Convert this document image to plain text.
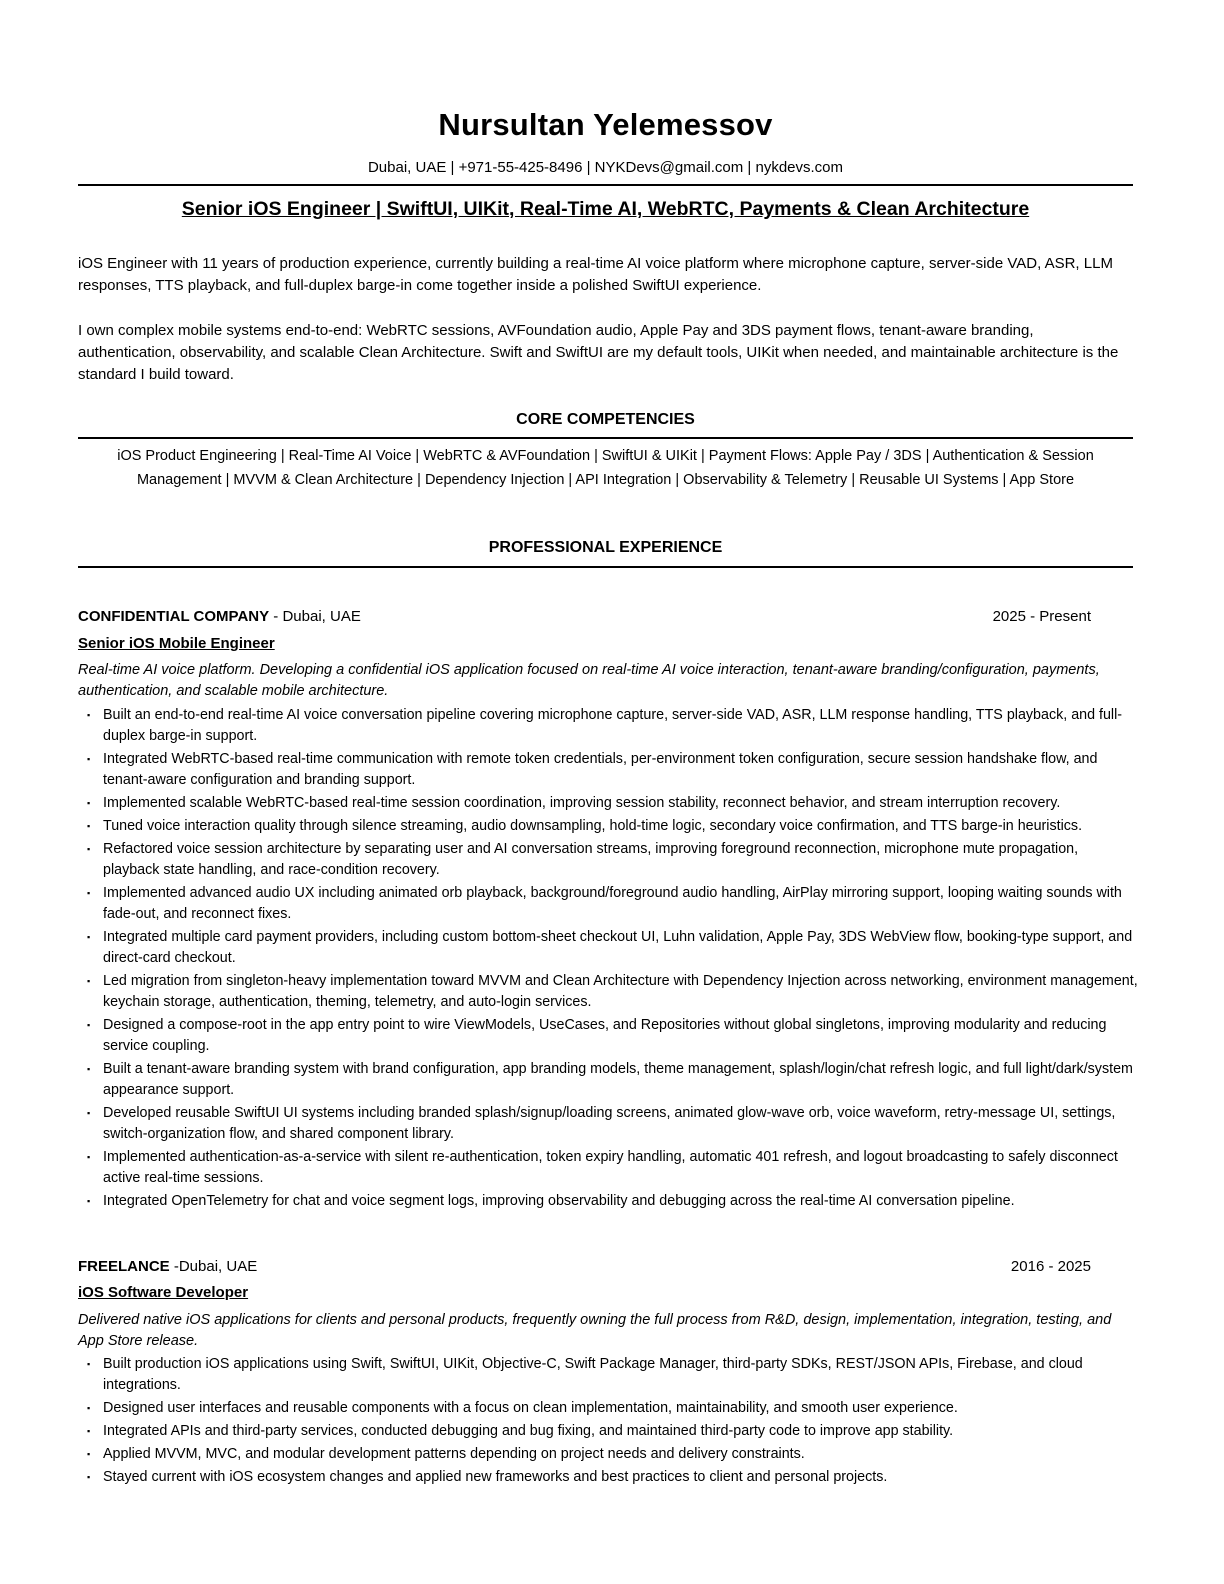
Nursultan Yelemessov
Dubai, UAE | +971-55-425-8496 | NYKDevs@gmail.com | nykdevs.com
Senior iOS Engineer | SwiftUI, UIKit, Real-Time AI, WebRTC, Payments & Clean Architecture
iOS Engineer with 11 years of production experience, currently building a real-time AI voice platform where microphone capture, server-side VAD, ASR, LLM responses, TTS playback, and full-duplex barge-in come together inside a polished SwiftUI experience.
I own complex mobile systems end-to-end: WebRTC sessions, AVFoundation audio, Apple Pay and 3DS payment flows, tenant-aware branding, authentication, observability, and scalable Clean Architecture. Swift and SwiftUI are my default tools, UIKit when needed, and maintainable architecture is the standard I build toward.
CORE COMPETENCIES
iOS Product Engineering | Real-Time AI Voice | WebRTC & AVFoundation | SwiftUI & UIKit | Payment Flows: Apple Pay / 3DS | Authentication & Session Management | MVVM & Clean Architecture | Dependency Injection | API Integration | Observability & Telemetry | Reusable UI Systems | App Store
PROFESSIONAL EXPERIENCE
CONFIDENTIAL COMPANY - Dubai, UAE	2025 - Present
Senior iOS Mobile Engineer
Real-time AI voice platform. Developing a confidential iOS application focused on real-time AI voice interaction, tenant-aware branding/configuration, payments, authentication, and scalable mobile architecture.
▪ Built an end-to-end real-time AI voice conversation pipeline covering microphone capture, server-side VAD, ASR, LLM response handling, TTS playback, and full-duplex barge-in support.
▪ Integrated WebRTC-based real-time communication with remote token credentials, per-environment token configuration, secure session handshake flow, and tenant-aware configuration and branding support.
▪ Implemented scalable WebRTC-based real-time session coordination, improving session stability, reconnect behavior, and stream interruption recovery.
▪ Tuned voice interaction quality through silence streaming, audio downsampling, hold-time logic, secondary voice confirmation, and TTS barge-in heuristics.
▪ Refactored voice session architecture by separating user and AI conversation streams, improving foreground reconnection, microphone mute propagation, playback state handling, and race-condition recovery.
▪ Implemented advanced audio UX including animated orb playback, background/foreground audio handling, AirPlay mirroring support, looping waiting sounds with fade-out, and reconnect fixes.
▪ Integrated multiple card payment providers, including custom bottom-sheet checkout UI, Luhn validation, Apple Pay, 3DS WebView flow, booking-type support, and direct-card checkout.
▪ Led migration from singleton-heavy implementation toward MVVM and Clean Architecture with Dependency Injection across networking, environment management, keychain storage, authentication, theming, telemetry, and auto-login services.
▪ Designed a compose-root in the app entry point to wire ViewModels, UseCases, and Repositories without global singletons, improving modularity and reducing service coupling.
▪ Built a tenant-aware branding system with brand configuration, app branding models, theme management, splash/login/chat refresh logic, and full light/dark/system appearance support.
▪ Developed reusable SwiftUI UI systems including branded splash/signup/loading screens, animated glow-wave orb, voice waveform, retry-message UI, settings, switch-organization flow, and shared component library.
▪ Implemented authentication-as-a-service with silent re-authentication, token expiry handling, automatic 401 refresh, and logout broadcasting to safely disconnect active real-time sessions.
▪ Integrated OpenTelemetry for chat and voice segment logs, improving observability and debugging across the real-time AI conversation pipeline.
FREELANCE -Dubai, UAE	2016 - 2025
iOS Software Developer
Delivered native iOS applications for clients and personal products, frequently owning the full process from R&D, design, implementation, integration, testing, and App Store release.
▪ Built production iOS applications using Swift, SwiftUI, UIKit, Objective-C, Swift Package Manager, third-party SDKs, REST/JSON APIs, Firebase, and cloud integrations.
▪ Designed user interfaces and reusable components with a focus on clean implementation, maintainability, and smooth user experience.
▪ Integrated APIs and third-party services, conducted debugging and bug fixing, and maintained third-party code to improve app stability.
▪ Applied MVVM, MVC, and modular development patterns depending on project needs and delivery constraints.
▪ Stayed current with iOS ecosystem changes and applied new frameworks and best practices to client and personal projects.
